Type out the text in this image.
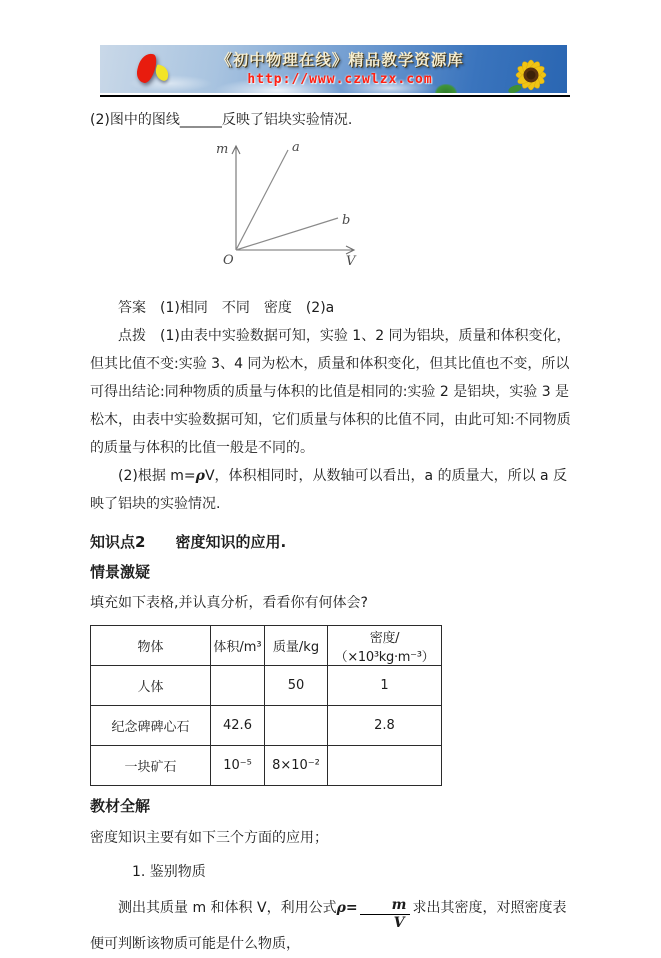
《初中物理在线》精品教学资源库
http://www.czwlzx.com

(2)图中的图线______反映了铝块实验情况.

m	a
b
O	V

答案 (1)相同　不同　密度　(2)a

点拨 (1)由表中实验数据可知，实验 1、2 同为铝块，质量和体积变化，但其比值不变:实验 3、4 同为松木，质量和体积变化，但其比值也不变，所以可得出结论:同种物质的质量与体积的比值是相同的:实验 2 是铝块，实验 3 是松木，由表中实验数据可知，它们质量与体积的比值不同，由此可知:不同物质的质量与体积的比值一般是不同的。

(2)根据 m=ρV，体积相同时，从数轴可以看出，a 的质量大，所以 a 反映了铝块的实验情况.

知识点2 密度知识的应用.

情景激疑

填充如下表格,并认真分析，看看你有何体会?

物体	体积/m³	质量/kg	密度/（×10³kg·m⁻³）
人体		50	1
纪念碑碑心石	42.6		2.8
一块矿石	10⁻⁵	8×10⁻²	

教材全解

密度知识主要有如下三个方面的应用；

1. 鉴别物质

测出其质量 m 和体积 V，利用公式$\rho= \frac{m}{V}$ 求出其密度，对照密度表便可判断该物质可能是什么物质，
